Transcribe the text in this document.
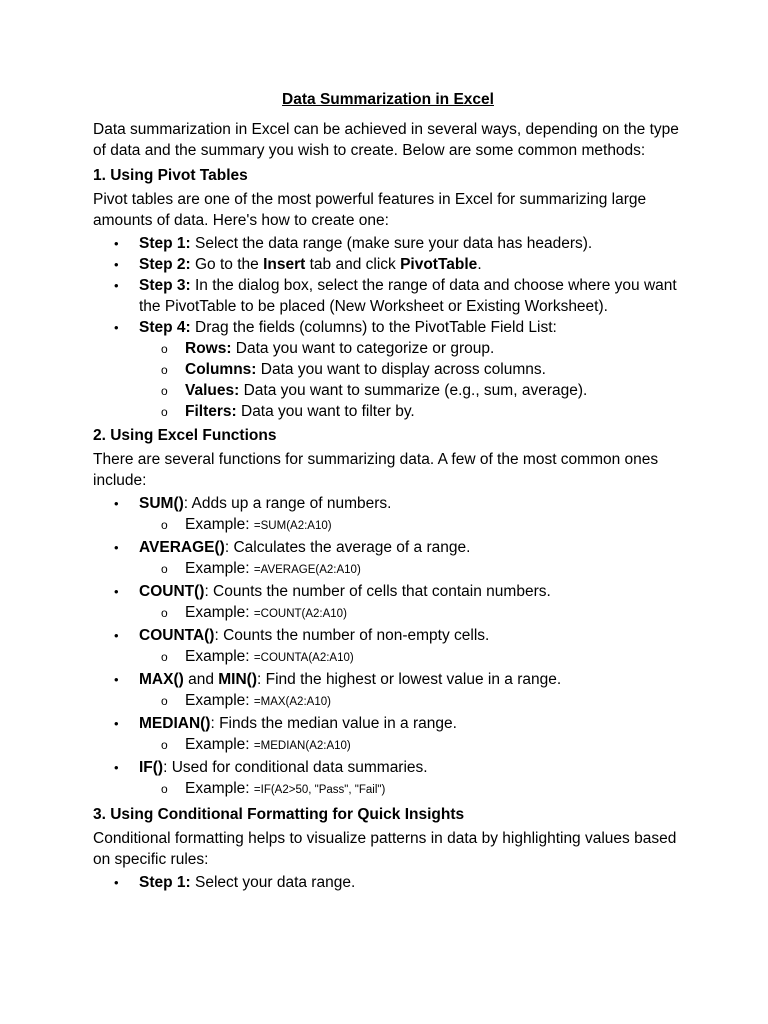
Data Summarization in Excel

Data summarization in Excel can be achieved in several ways, depending on the type of data and the summary you wish to create. Below are some common methods:

1. Using Pivot Tables

Pivot tables are one of the most powerful features in Excel for summarizing large amounts of data. Here's how to create one:

• Step 1: Select the data range (make sure your data has headers).
• Step 2: Go to the Insert tab and click PivotTable.
• Step 3: In the dialog box, select the range of data and choose where you want the PivotTable to be placed (New Worksheet or Existing Worksheet).
• Step 4: Drag the fields (columns) to the PivotTable Field List:
o Rows: Data you want to categorize or group.
o Columns: Data you want to display across columns.
o Values: Data you want to summarize (e.g., sum, average).
o Filters: Data you want to filter by.
2. Using Excel Functions

There are several functions for summarizing data. A few of the most common ones include:

• SUM(): Adds up a range of numbers.
o Example: =SUM(A2:A10)
• AVERAGE(): Calculates the average of a range.
o Example: =AVERAGE(A2:A10)
• COUNT(): Counts the number of cells that contain numbers.
o Example: =COUNT(A2:A10)
• COUNTA(): Counts the number of non-empty cells.
o Example: =COUNTA(A2:A10)
• MAX() and MIN(): Find the highest or lowest value in a range.
o Example: =MAX(A2:A10)
• MEDIAN(): Finds the median value in a range.
o Example: =MEDIAN(A2:A10)
• IF(): Used for conditional data summaries.
o Example: =IF(A2>50, "Pass", "Fail")
3. Using Conditional Formatting for Quick Insights

Conditional formatting helps to visualize patterns in data by highlighting values based on specific rules:

• Step 1: Select your data range.
